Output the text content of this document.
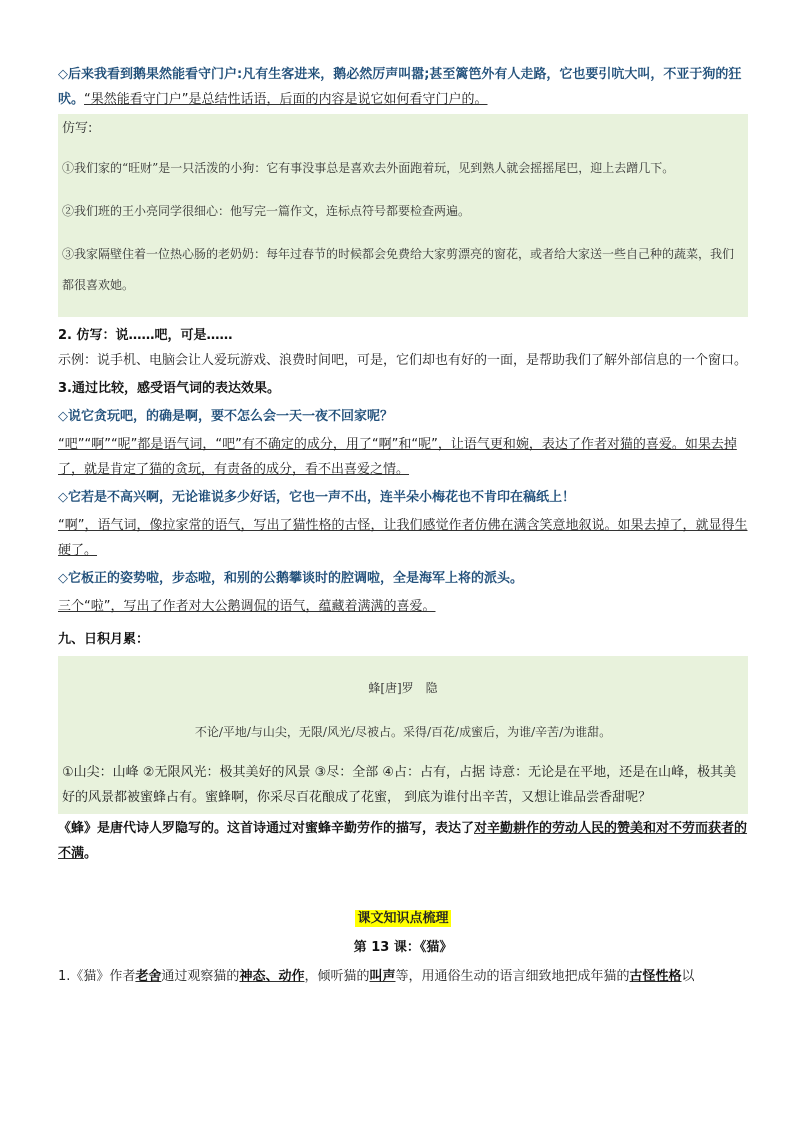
◇后来我看到鹅果然能看守门户:凡有生客进来，鹅必然厉声叫嚣;甚至篱笆外有人走路，它也要引吭大叫，不亚于狗的狂吠。“果然能看守门户”是总结性话语，后面的内容是说它如何看守门户的。

仿写:

①我们家的“旺财”是一只活泼的小狗：它有事没事总是喜欢去外面跑着玩，见到熟人就会摇摇尾巴，迎上去蹭几下。

②我们班的王小亮同学很细心：他写完一篇作文，连标点符号都要检查两遍。

③我家隔壁住着一位热心肠的老奶奶：每年过春节的时候都会免费给大家剪漂亮的窗花，或者给大家送一些自己种的蔬菜，我们都很喜欢她。

2. 仿写：说……吧，可是……

示例：说手机、电脑会让人爱玩游戏、浪费时间吧，可是，它们却也有好的一面，是帮助我们了解外部信息的一个窗口。

3.通过比较，感受语气词的表达效果。

◇说它贪玩吧，的确是啊，要不怎么会一天一夜不回家呢？

“吧”“啊”“呢”都是语气词，“吧”有不确定的成分，用了“啊”和“呢”，让语气更和婉，表达了作者对猫的喜爱。如果去掉了，就是肯定了猫的贪玩，有责备的成分，看不出喜爱之情。

◇它若是不高兴啊，无论谁说多少好话，它也一声不出，连半朵小梅花也不肯印在稿纸上！

“啊”，语气词，像拉家常的语气，写出了猫性格的古怪，让我们感觉作者仿佛在满含笑意地叙说。如果去掉了，就显得生硬了。

◇它板正的姿势啦，步态啦，和别的公鹅攀谈时的腔调啦，全是海军上将的派头。

三个“啦”，写出了作者对大公鹅调侃的语气，蕴藏着满满的喜爱。

九、日积月累：

蜂[唐]罗　隐

不论/平地/与山尖，无限/风光/尽被占。采得/百花/成蜜后，为谁/辛苦/为谁甜。

①山尖：山峰 ②无限风光：极其美好的风景 ③尽：全部 ④占：占有，占据 诗意：无论是在平地，还是在山峰，极其美好的风景都被蜜蜂占有。蜜蜂啊，你采尽百花酿成了花蜜， 到底为谁付出辛苦，又想让谁品尝香甜呢？

《蜂》是唐代诗人罗隐写的。这首诗通过对蜜蜂辛勤劳作的描写，表达了对辛勤耕作的劳动人民的赞美和对不劳而获者的不满。

课文知识点梳理

第 13 课：《猫》

1.《猫》作者老舍通过观察猫的神态、动作，倾听猫的叫声等，用通俗生动的语言细致地把成年猫的古怪性格以
